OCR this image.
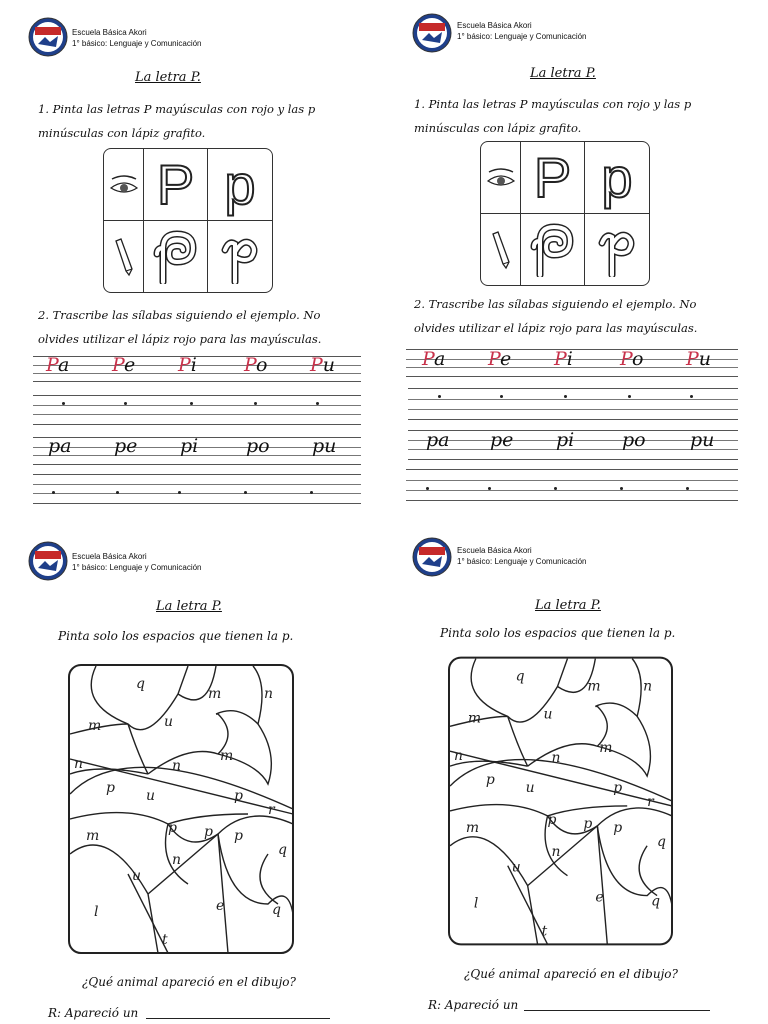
Escuela Básica Akori
1° básico: Lenguaje y Comunicación
La letra P.
1. Pinta las letras P mayúsculas con rojo y las p minúsculas con lápiz grafito.
P p
2. Trascribe las sílabas siguiendo el ejemplo. No olvides utilizar el lápiz rojo para las mayúsculas.
Pa Pe Pi Po Pu
pa pe pi	po pu
Escuela Básica Akori
1° básico: Lenguaje y Comunicación
La letra P.
1. Pinta las letras P mayúsculas con rojo y las p minúsculas con lápiz grafito.
P p
2. Trascribe las sílabas siguiendo el ejemplo. No olvides utilizar el lápiz rojo para las mayúsculas.
Pa Pe Pi Po Pu
pa pe pi	po pu
Escuela Básica Akori
1° básico: Lenguaje y Comunicación
La letra P.
Pinta solo los espacios que tienen la p.
q
m	n
m	u
n	m
n
p u	p
r
m	p p p
q
u
n
l	e	q
t
¿Qué animal apareció en el dibujo?
R: Apareció un
Escuela Básica Akori
1° básico: Lenguaje y Comunicación
La letra P.
Pinta solo los espacios que tienen la p.
q
m	n
m	u
n	m
n
p u	p
r
m	p p p
q
u
n
l	e	q
t
¿Qué animal apareció en el dibujo?
R: Apareció un
